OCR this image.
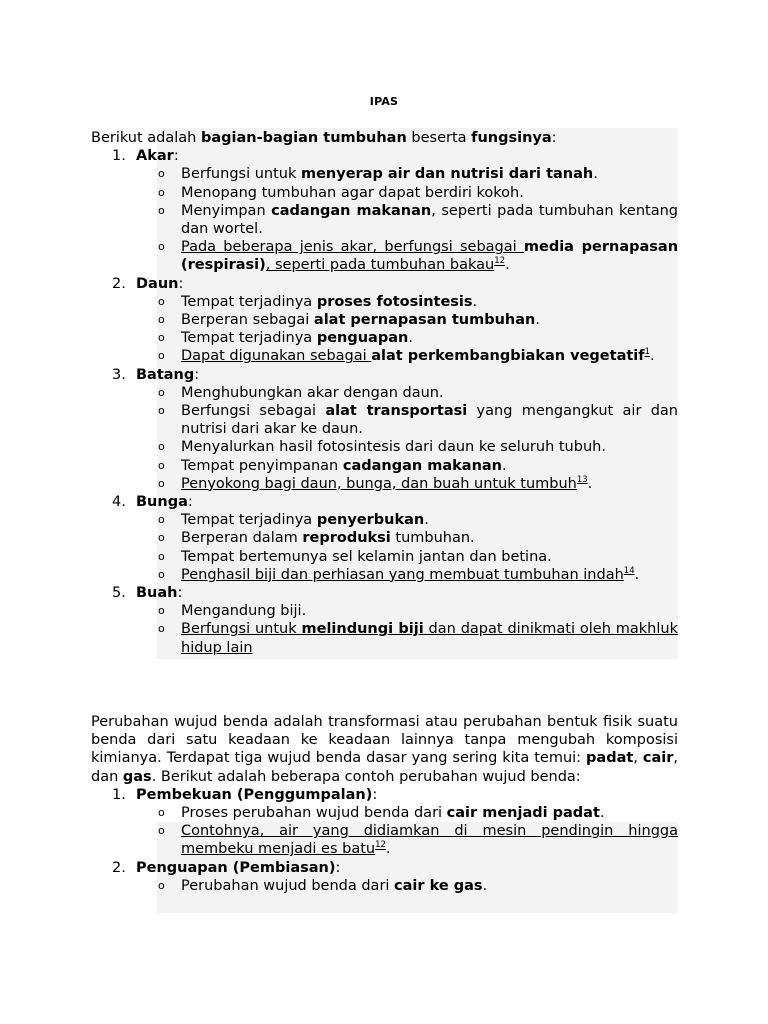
IPAS
Berikut adalah bagian-bagian tumbuhan beserta fungsinya:
1. Akar:
o Berfungsi untuk menyerap air dan nutrisi dari tanah.
o Menopang tumbuhan agar dapat berdiri kokoh.
o Menyimpan cadangan makanan, seperti pada tumbuhan kentang dan wortel.
o Pada beberapa jenis akar, berfungsi sebagai media pernapasan (respirasi), seperti pada tumbuhan bakau$^{12}$.
2. Daun:
o Tempat terjadinya proses fotosintesis.
o Berperan sebagai alat pernapasan tumbuhan.
o Tempat terjadinya penguapan.
o Dapat digunakan sebagai alat perkembangbiakan vegetatif$^1$.
3. Batang:
o Menghubungkan akar dengan daun.
o Berfungsi sebagai alat transportasi yang mengangkut air dan nutrisi dari akar ke daun.
o Menyalurkan hasil fotosintesis dari daun ke seluruh tubuh.
o Tempat penyimpanan cadangan makanan.
o Penyokong bagi daun, bunga, dan buah untuk tumbuh$^{13}$.
4. Bunga:
o Tempat terjadinya penyerbukan.
o Berperan dalam reproduksi tumbuhan.
o Tempat bertemunya sel kelamin jantan dan betina.
o Penghasil biji dan perhiasan yang membuat tumbuhan indah$^{14}$.
5. Buah:
o Mengandung biji.
o Berfungsi untuk melindungi biji dan dapat dinikmati oleh makhluk hidup lain
Perubahan wujud benda adalah transformasi atau perubahan bentuk fisik suatu benda dari satu keadaan ke keadaan lainnya tanpa mengubah komposisi kimianya. Terdapat tiga wujud benda dasar yang sering kita temui: padat, cair, dan gas. Berikut adalah beberapa contoh perubahan wujud benda:
1. Pembekuan (Penggumpalan):
o Proses perubahan wujud benda dari cair menjadi padat.
o Contohnya, air yang didiamkan di mesin pendingin hingga membeku menjadi es batu$^{12}$.
2. Penguapan (Pembiasan):
o Perubahan wujud benda dari cair ke gas.
